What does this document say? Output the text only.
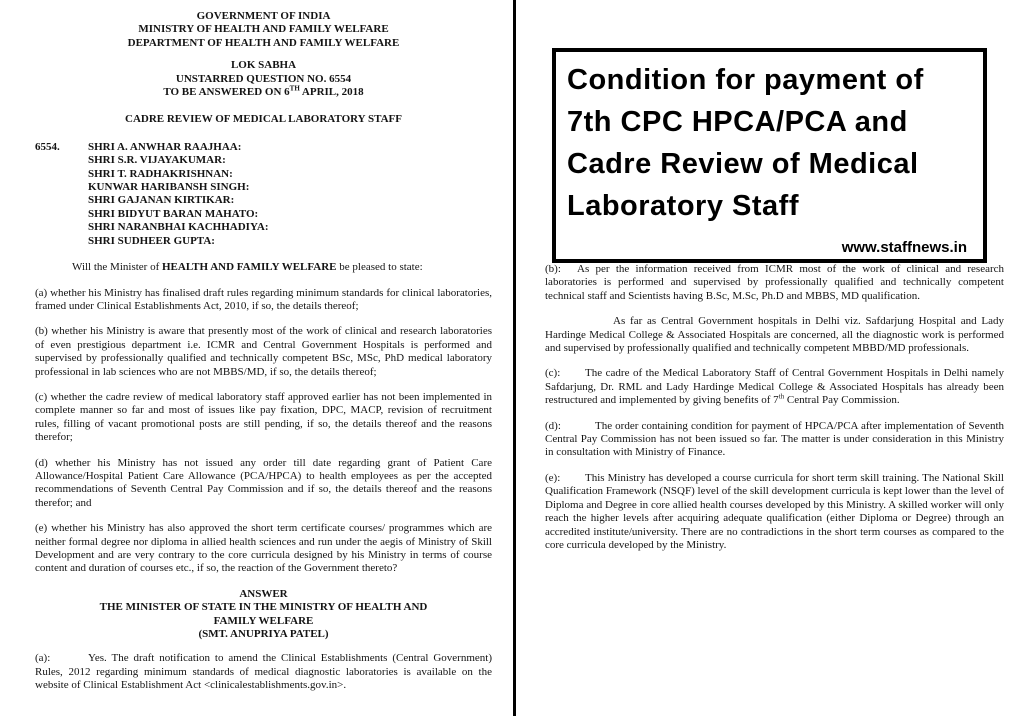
GOVERNMENT OF INDIA
MINISTRY OF HEALTH AND FAMILY WELFARE
DEPARTMENT OF HEALTH AND FAMILY WELFARE
LOK SABHA
UNSTARRED QUESTION NO. 6554
TO BE ANSWERED ON 6TH APRIL, 2018
CADRE REVIEW OF MEDICAL LABORATORY STAFF
6554.	SHRI A. ANWHAR RAAJHAA:
SHRI S.R. VIJAYAKUMAR:
SHRI T. RADHAKRISHNAN:
KUNWAR HARIBANSH SINGH:
SHRI GAJANAN KIRTIKAR:
SHRI BIDYUT BARAN MAHATO:
SHRI NARANBHAI KACHHADIYA:
SHRI SUDHEER GUPTA:
Will the Minister of HEALTH AND FAMILY WELFARE be pleased to state:

(a) whether his Ministry has finalised draft rules regarding minimum standards for clinical laboratories, framed under Clinical Establishments Act, 2010, if so, the details thereof;

(b) whether his Ministry is aware that presently most of the work of clinical and research laboratories of even prestigious department i.e. ICMR and Central Government Hospitals is performed and supervised by professionally qualified and technically competent BSc, MSc, PhD medical laboratory professional in lab sciences who are not MBBS/MD, if so, the details thereof;

(c) whether the cadre review of medical laboratory staff approved earlier has not been implemented in complete manner so far and most of issues like pay fixation, DPC, MACP, revision of recruitment rules, filling of vacant promotional posts are still pending, if so, the details thereof and the reasons therefor;

(d) whether his Ministry has not issued any order till date regarding grant of Patient Care Allowance/Hospital Patient Care Allowance (PCA/HPCA) to health employees as per the accepted recommendations of Seventh Central Pay Commission and if so, the details thereof and the reasons therefor; and

(e) whether his Ministry has also approved the short term certificate courses/ programmes which are neither formal degree nor diploma in allied health sciences and run under the aegis of Ministry of Skill Development and are very contrary to the core curricula designed by his Ministry in terms of course content and duration of courses etc., if so, the reaction of the Government thereto?

ANSWER
THE MINISTER OF STATE IN THE MINISTRY OF HEALTH AND
FAMILY WELFARE
(SMT. ANUPRIYA PATEL)

(a):	Yes. The draft notification to amend the Clinical Establishments (Central Government) Rules, 2012 regarding minimum standards of medical diagnostic laboratories is available on the website of Clinical Establishment Act <clinicalestablishments.gov.in>.

Condition for payment of
7th CPC HPCA/PCA and
Cadre Review of Medical
Laboratory Staff
www.staffnews.in

(b): As per the information received from ICMR most of the work of clinical and research laboratories is performed and supervised by professionally qualified and technically competent technical staff and Scientists having B.Sc, M.Sc, Ph.D and MBBS, MD qualification.

As far as Central Government hospitals in Delhi viz. Safdarjung Hospital and Lady Hardinge Medical College & Associated Hospitals are concerned, all the diagnostic work is performed and supervised by professionally qualified and technically competent MBBD/MD professionals.

(c): The cadre of the Medical Laboratory Staff of Central Government Hospitals in Delhi namely Safdarjung, Dr. RML and Lady Hardinge Medical College & Associated Hospitals has already been restructured and implemented by giving benefits of 7th Central Pay Commission.

(d):	The order containing condition for payment of HPCA/PCA after implementation of Seventh Central Pay Commission has not been issued so far. The matter is under consideration in this Ministry in consultation with Ministry of Finance.

(e): This Ministry has developed a course curricula for short term skill training. The National Skill Qualification Framework (NSQF) level of the skill development curricula is kept lower than the level of Diploma and Degree in core allied health courses developed by this Ministry. A skilled worker will only reach the higher levels after acquiring adequate qualification (either Diploma or Degree) through an accredited institute/university. There are no contradictions in the short term courses as compared to the core curricula developed by the Ministry.
